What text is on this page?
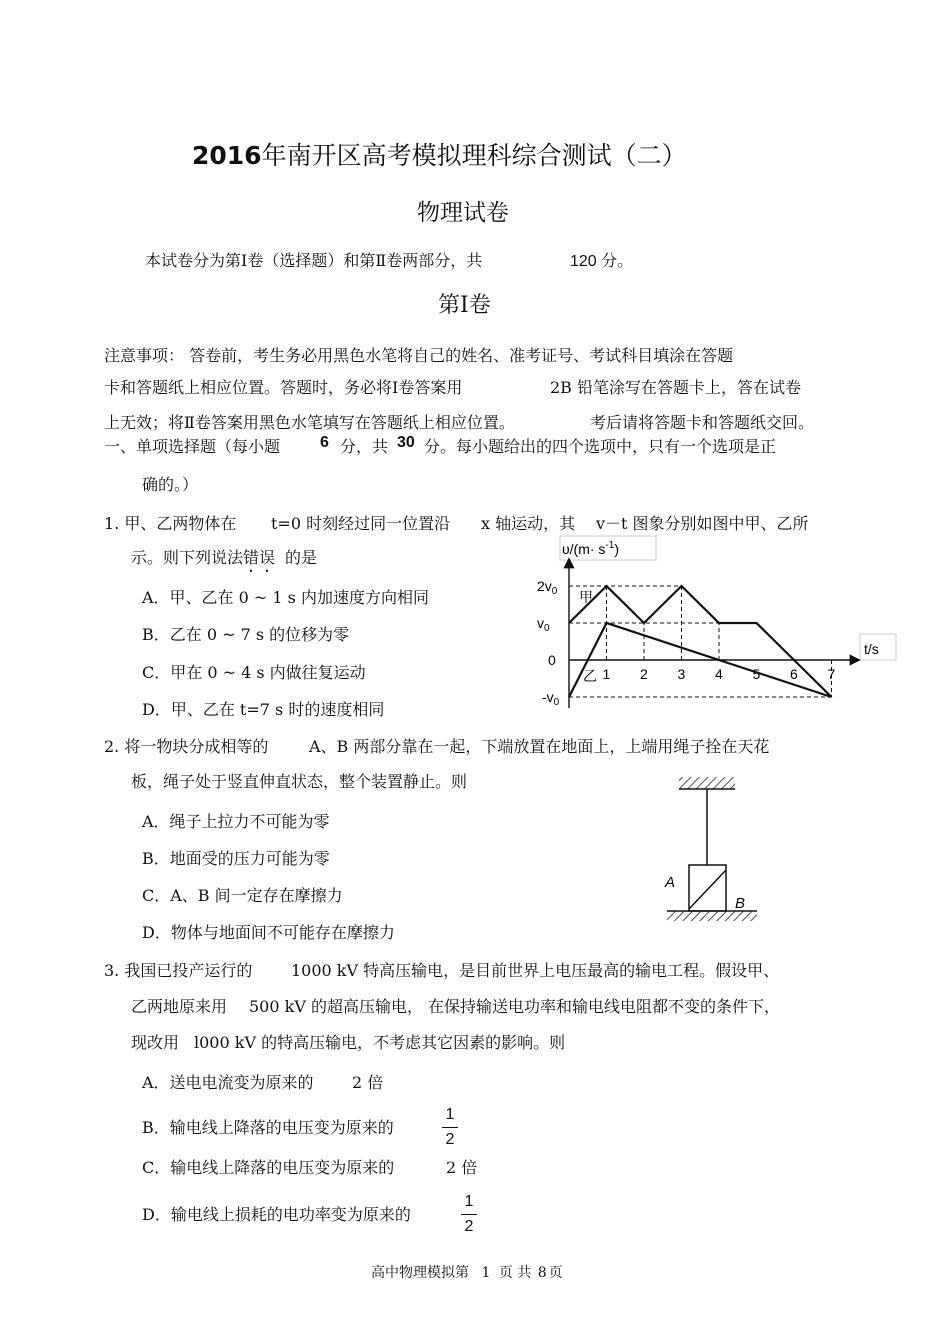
2016年南开区高考模拟理科综合测试（二）
物理试卷
本试卷分为第Ⅰ卷（选择题）和第Ⅱ卷两部分，共	120 分。
第Ⅰ卷
注意事项： 答卷前，考生务必用黑色水笔将自己的姓名、准考证号、考试科目填涂在答题
卡和答题纸上相应位置。答题时，务必将Ⅰ卷答案用	2B 铅笔涂写在答题卡上，答在试卷
上无效；将Ⅱ卷答案用黑色水笔填写在答题纸上相应位置。	考后请将答题卡和答题纸交回。
一、单项选择题（每小题 6 分，共 30 分。每小题给出的四个选项中，只有一个选项是正
确的。）
1. 甲、乙两物体在 t=0 时刻经过同一位置沿 x 轴运动，其 v－t 图象分别如图中甲、乙所
示。则下列说法错误 的是
A．甲、乙在 0 ~ 1 s 内加速度方向相同
B．乙在 0 ~ 7 s 的位移为零
C．甲在 0 ~ 4 s 内做往复运动
D．甲、乙在 t=7 s 时的速度相同
$\upsilon/(m\cdot s^{-1})$
t/s
$2v_0$
$v_0$
0
$-v_0$
1 2 3 4 5 6 7
甲
乙
2. 将一物块分成相等的	A、B 两部分靠在一起，下端放置在地面上，上端用绳子拴在天花
板，绳子处于竖直伸直状态，整个装置静止。则
A．绳子上拉力不可能为零
B．地面受的压力可能为零
C．A、B 间一定存在摩擦力
D．物体与地面间不可能存在摩擦力
A
B
3. 我国已投产运行的 1000 kV 特高压输电，是目前世界上电压最高的输电工程。假设甲、
乙两地原来用 500 kV 的超高压输电， 在保持输送电功率和输电线电阻都不变的条件下，
现改用 l000 kV 的特高压输电，不考虑其它因素的影响。则
A．送电电流变为原来的 2 倍
B．输电线上降落的电压变为原来的
1
2
C．输电线上降落的电压变为原来的	2 倍
D．输电线上损耗的电功率变为原来的
1
2
高中物理模拟第 1 页 共 8 页
